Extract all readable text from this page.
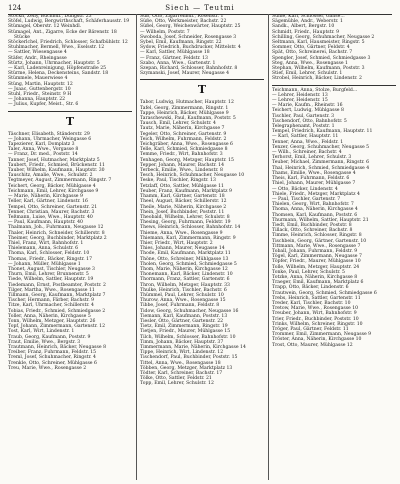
124	Siech — Teutmi

Stöckh, Zelly, Buchhdl., Düngstr. 23

Stöfel, Ludwig, Bergwirthschaft, Schäferhausstr. 19

Stümagel, Oberstr. 12 Weinhdl.

Stümagel, Ant., Zigarre, Ecke der Bärenstr. 18 Stücke

Stöckerlchel, Friedrich, Schlosser, Schafbühlstr. 12

Stuhlmacher, Bermell, Wwe., Eselsstr. 12

— Sattler, Wiesengasse 4

Stäfer, Andr., Rheingasse

Stürtz, Johann, Uhrmacher, Hauptstr. 5

— Karl, Ladenreinigung, Höpfenstraße 25

Stürme, Helena, Deckensteins, Sandstr. 18

Stümmele, Mauerwiese 4

Stüng, Martin, Hauptstr. 12

— Jsaac, Guttenbergstr. 10

Stuhl, Friedr., Steinstr. 9 H

— Johanna, Hauptstr. 22

— Julius, Kupfer, Meist., Str. 6

T

Täschner, Elisabeth, Ständerstr. 29

— Johann, Uhrmacher, Weingasse 6

Tapezierer, Karl, Domplatz 3

Taler, Anna, Wwe., Vorgasse 8

— Franz, Dr. med., Poststr. 14

Tanner, Josef, Hutmacher, Marktplatz 5

Taubert, Friedr., Schmied, Brückenstr. 11

Tauber, Wilhelm, Kaufmann, Hauptstr. 30

Tauschitz, Amalie, Wwe., Schulstr. 2

Tegtmeyer, August, Zimmermann, Ringstr. 7

Teichert, Georg, Bäcker, Mühlgasse 4

Teichmann, Emil, Lehrer, Kirchgasse 9

— Marie, Näherin, Kirchgasse 9

Teller, Karl, Gärtner, Lindenstr. 16

Tempel, Otto, Schreiner, Gartenstr. 21

Tenner, Christian, Maurer, Bachstr. 3

Teßmann, Luise, Wwe., Hauptstr. 40

— Paul, Kaufmann, Hauptstr. 40

Thalmann, Joh., Fuhrmann, Neugasse 12

Thaler, Heinrich, Schneider, Schillerstr. 8

Theimer, Georg, Buchbinder, Marktplatz 2

Thiel, Franz, Wirt, Bahnhofstr. 1

Thielemann, Anna, Schulstr. 6

Thoma, Karl, Schlosser, Feldstr. 10

Thomas, Friedr., Bäcker, Ringstr. 17

— Johann, Müller, Mühlgasse 1

Thonet, August, Tischler, Neugasse 3

Thurn, Emil, Lehrer, Brunnenstr. 5

Tiede, Wilhelm, Sattler, Hauptstr. 19

Tiedemann, Ernst, Postbeamter, Poststr. 2

Tilger, Martha, Wwe., Rosengasse 11

Tillmann, Georg, Kaufmann, Marktplatz 7

Tischer, Hermann, Färber, Bachstr. 9

Titze, Karl, Uhrmacher, Schillerstr. 4

Tobias, Friedr., Schmied, Schmiedgasse 2

Toller, Anna, Näherin, Kirchgasse 5

Tonn, Wilhelm, Metzger, Hauptstr. 26

Topf, Johann, Zimmermann, Gartenstr. 12

Tost, Karl, Wirt, Lindenstr. 1

Traub, Georg, Kaufmann, Poststr. 9

Traut, Emilie, Wwe., Bergstr. 3

Trautmann, Heinrich, Bäcker, Neugasse 8

Treiber, Franz, Fuhrmann, Feldstr. 15

Treml, Josef, Schuhmacher, Ringstr. 4

Trenkle, Otto, Schreiner, Mühlgasse 6

Treu, Marie, Wwe., Rosengasse 2

Süß, Otto, Zigarrenhdl., Rosenstr. 1

Süße, Otto, Werkmeister, Bachstr. 22

Süßel, Georg, Weichenwärter, Hauptstr. 25

— Wilhelm, Poststr. 7

Swoboda, Josef, Schneider, Rosengasse 3

Sybel, Emil, Kaufmann, Ringstr. 22

Sydow, Friedrich, Buchdrucker, Mittelstr. 4

— Karl, Sattler, Mühlgasse 18

— Franz, Gärtner, Feldstr. 13

Szabo, Anna, Wwe., Gartenstr. 1

Szepan, Richard, Schlosser, Bahnhofstr. 8

Szymanski, Josef, Maurer, Neugasse 4

T

Tabor, Ludwig, Hutmacher, Hauptstr. 12

Tafel, Georg, Zimmermann, Ringstr. 1

Tappe, Heinrich, Bäcker, Mühlgasse 9

Taraschewski, Paul, Kaufmann, Poststr. 5

Tausch, Emil, Lehrer, Schulstr. 4

Tautz, Marie, Näherin, Kirchgasse 7

Tegeler, Otto, Schreiner, Gartenstr. 9

Teich, Wilhelm, Fuhrmann, Feldstr. 2

Teichgräber, Anna, Wwe., Rosengasse 6

Telle, Karl, Schmied, Schmiedgasse 8

Temme, Friedr., Wirt, Bahnhofstr. 3

Tenhagen, Georg, Metzger, Hauptstr. 15

Tepper, Johann, Maurer, Bachstr. 14

Terbeck, Emilie, Wwe., Lindenstr. 8

Tesch, Heinrich, Schuhmacher, Neugasse 10

Teske, Paul, Tischler, Ringstr. 13

Tetzlaff, Otto, Sattler, Mühlgasse 11

Teuber, Franz, Kaufmann, Marktplatz 9

Thamm, Karl, Gärtner, Gartenstr. 18

Theel, August, Bäcker, Schillerstr. 12

Theile, Marie, Näherin, Kirchgasse 2

Thein, Josef, Buchbinder, Poststr. 11

Theobald, Wilhelm, Lehrer, Schulstr. 8

Thesing, Georg, Fuhrmann, Feldstr. 19

Thews, Heinrich, Schlosser, Bahnhofstr. 14

Thieme, Anna, Wwe., Rosengasse 9

Thiemann, Karl, Zimmermann, Ringstr. 9

Thier, Friedr., Wirt, Hauptstr. 2

Thies, Johann, Maurer, Neugasse 14

Thode, Emil, Kaufmann, Marktplatz 11

Thöne, Otto, Schreiner, Mühlgasse 13

Tholen, Georg, Schmied, Schmiedgasse 5

Thom, Marie, Näherin, Kirchgasse 12

Thonemann, Karl, Bäcker, Lindenstr. 10

Thormann, Franz, Sattler, Gartenstr. 6

Thron, Wilhelm, Metzger, Hauptstr. 33

Thulke, Heinrich, Tischler, Bachstr. 6

Thümmel, Paul, Lehrer, Schulstr. 10

Thurow, Anna, Wwe., Rosengasse 15

Tibbe, Josef, Fuhrmann, Feldstr. 8

Tidow, Georg, Schuhmacher, Neugasse 16

Tiemann, Karl, Kaufmann, Poststr. 13

Tiesler, Otto, Gärtner, Gartenstr. 22

Tietz, Emil, Zimmermann, Ringstr. 19

Tietjen, Friedr., Maurer, Mühlgasse 15

Tilch, Wilhelm, Schlosser, Bahnhofstr. 10

Timm, Johann, Bäcker, Hauptstr. 37

Timmermann, Marie, Näherin, Kirchgasse 14

Tippe, Heinrich, Wirt, Lindenstr. 12

Tischendorf, Paul, Buchbinder, Poststr. 15

Tittel, Anna, Wwe., Rosengasse 18

Többen, Georg, Metzger, Marktplatz 13

Tödter, Karl, Schreiner, Bachstr. 17

Tölke, Otto, Sattler, Feldstr. 21

Topp, Emil, Lehrer, Schulstr. 12

Suhle, Karl, Schlosser, Gänse...

Sägemühle, Andr., Weberstr. 1

Sandk., Albert, Bergstr. 10

Schmidt, Friedr., Hauptstr. 9

Schilling, Georg, Schuhmacher, Neugasse 2

Seltmann, Karl, Hausmeister, Ringstr. 5

Sommer, Otto, Gärtner, Feldstr. 4

Spät, Otto, Schreinerei, Bachstr. 7

Spengler, Josef, Schmied, Schmiedgasse 3

Steg, Anna, Wwe., Rosengasse 1

Stephan, Wilhelm, Kaufmann, Poststr. 3

Stief, Emil, Lehrer, Schulstr. 1

Strobel, Heinrich, Bäcker, Lindenstr. 2

Teichmann, Anna, Stolze, Burgfeld...

— Lehrer, Heidenstr. 13

— Lehrer, Heidenstr. 15

— Marie, Kaufm., Rheinstr. 16

Teichert, Ludwig, Mühlgasse 8

Tischler, Paul, Gartenstr. 3

Tischendorf, Otto, Bahnhofstr. 5

Telegraphenamt, Poststr. 1

Tempel, Friedrich, Kaufmann, Hauptstr. 11

— Karl, Sattler, Hauptstr. 11

Tenner, Anna, Wwe., Feldstr. 1

Tenzer, Georg, Schuhmacher, Neugasse 5

— Wilh., Schreiner, Bachstr. 4

Terhorst, Emil, Lehrer, Schulstr. 3

Teuber, Michael, Zimmermann, Ringstr. 6

Thal, Heinrich, Schmied, Schmiedgasse 4

Thams, Emilie, Wwe., Rosengasse 4

Theis, Karl, Fuhrmann, Feldstr. 6

Thiel, Johann, Maurer, Mühlgasse 7

— Otto, Bäcker, Lindenstr. 4

Thiele, Friedr., Metzger, Marktplatz 4

— Paul, Tischler, Gartenstr. 7

Thielen, Georg, Wirt, Bahnhofstr. 7

Thoma, Anna, Näherin, Kirchgasse 4

Thomsen, Karl, Kaufmann, Poststr. 6

Thurmann, Wilhelm, Sattler, Hauptstr. 21

Tiedt, Emil, Buchbinder, Poststr. 8

Tillack, Otto, Schreiner, Bachstr. 8

Timme, Heinrich, Schlosser, Ringstr. 8

Tischbein, Georg, Gärtner, Gartenstr. 10

Tittmann, Marie, Wwe., Rosengasse 7

Toball, Johann, Fuhrmann, Feldstr. 9

Tögel, Karl, Zimmermann, Neugasse 7

Töpfer, Friedr., Maurer, Mühlgasse 10

Tolle, Wilhelm, Metzger, Hauptstr. 24

Tonke, Paul, Lehrer, Schulstr. 5

Totzke, Anna, Näherin, Kirchgasse 8

Traeger, Emil, Kaufmann, Marktplatz 6

Trapp, Otto, Bäcker, Lindenstr. 6

Trautwein, Georg, Schmied, Schmiedgasse 6

Trebs, Heinrich, Sattler, Gartenstr. 11

Treder, Karl, Tischler, Bachstr. 10

Tretow, Marie, Wwe., Rosengasse 10

Treuber, Johann, Wirt, Bahnhofstr. 9

Trier, Friedr., Buchbinder, Poststr. 10

Trinks, Wilhelm, Schreiner, Ringstr. 10

Tröger, Paul, Gärtner, Feldstr. 11

Trommer, Emil, Zimmermann, Neugasse 9

Tröster, Anna, Näherin, Kirchgasse 10

Trost, Otto, Maurer, Mühlgasse 12
